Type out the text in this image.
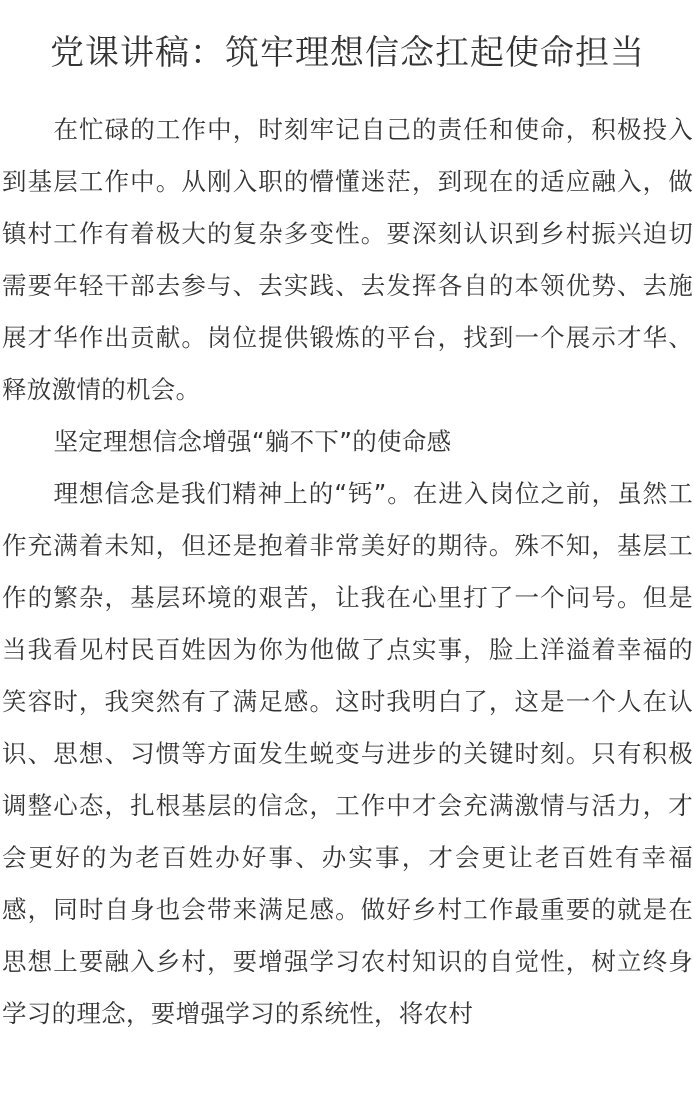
党课讲稿：筑牢理想信念扛起使命担当

在忙碌的工作中，时刻牢记自己的责任和使命，积极投入到基层工作中。从刚入职的懵懂迷茫，到现在的适应融入，做镇村工作有着极大的复杂多变性。要深刻认识到乡村振兴迫切需要年轻干部去参与、去实践、去发挥各自的本领优势、去施展才华作出贡献。岗位提供锻炼的平台，找到一个展示才华、释放激情的机会。

坚定理想信念增强“躺不下”的使命感

理想信念是我们精神上的“钙”。在进入岗位之前，虽然工作充满着未知，但还是抱着非常美好的期待。殊不知，基层工作的繁杂，基层环境的艰苦，让我在心里打了一个问号。但是当我看见村民百姓因为你为他做了点实事，脸上洋溢着幸福的笑容时，我突然有了满足感。这时我明白了，这是一个人在认识、思想、习惯等方面发生蜕变与进步的关键时刻。只有积极调整心态，扎根基层的信念，工作中才会充满激情与活力，才会更好的为老百姓办好事、办实事，才会更让老百姓有幸福感，同时自身也会带来满足感。做好乡村工作最重要的就是在思想上要融入乡村，要增强学习农村知识的自觉性，树立终身学习的理念，要增强学习的系统性，将农村
